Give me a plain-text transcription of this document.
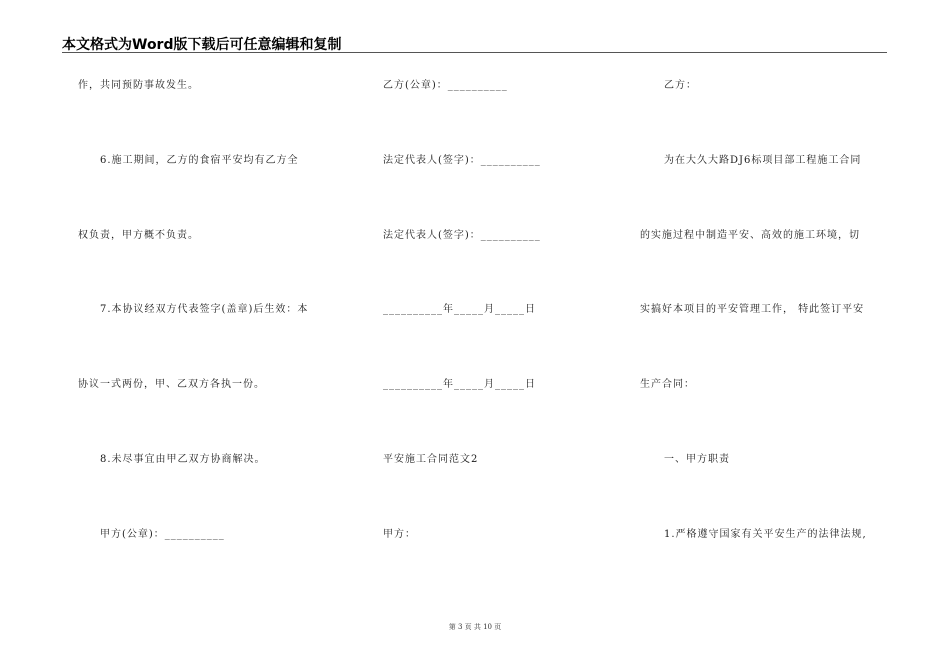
本文格式为Word版下载后可任意编辑和复制
作，共同预防事故发生。
6.施工期间，乙方的食宿平安均有乙方全
权负责，甲方概不负责。
7.本协议经双方代表签字(盖章)后生效：本
协议一式两份，甲、乙双方各执一份。
8.未尽事宜由甲乙双方协商解决。
甲方(公章)：__________
乙方(公章)：__________
法定代表人(签字)：__________
法定代表人(签字)：__________
__________年_____月_____日
__________年_____月_____日
平安施工合同范文2
甲方：
乙方：
为在大久大路DJ6标项目部工程施工合同
的实施过程中制造平安、高效的施工环境，切
实搞好本项目的平安管理工作， 特此签订平安
生产合同：
一、甲方职责
1.严格遵守国家有关平安生产的法律法规,
第 3 页 共 10 页
